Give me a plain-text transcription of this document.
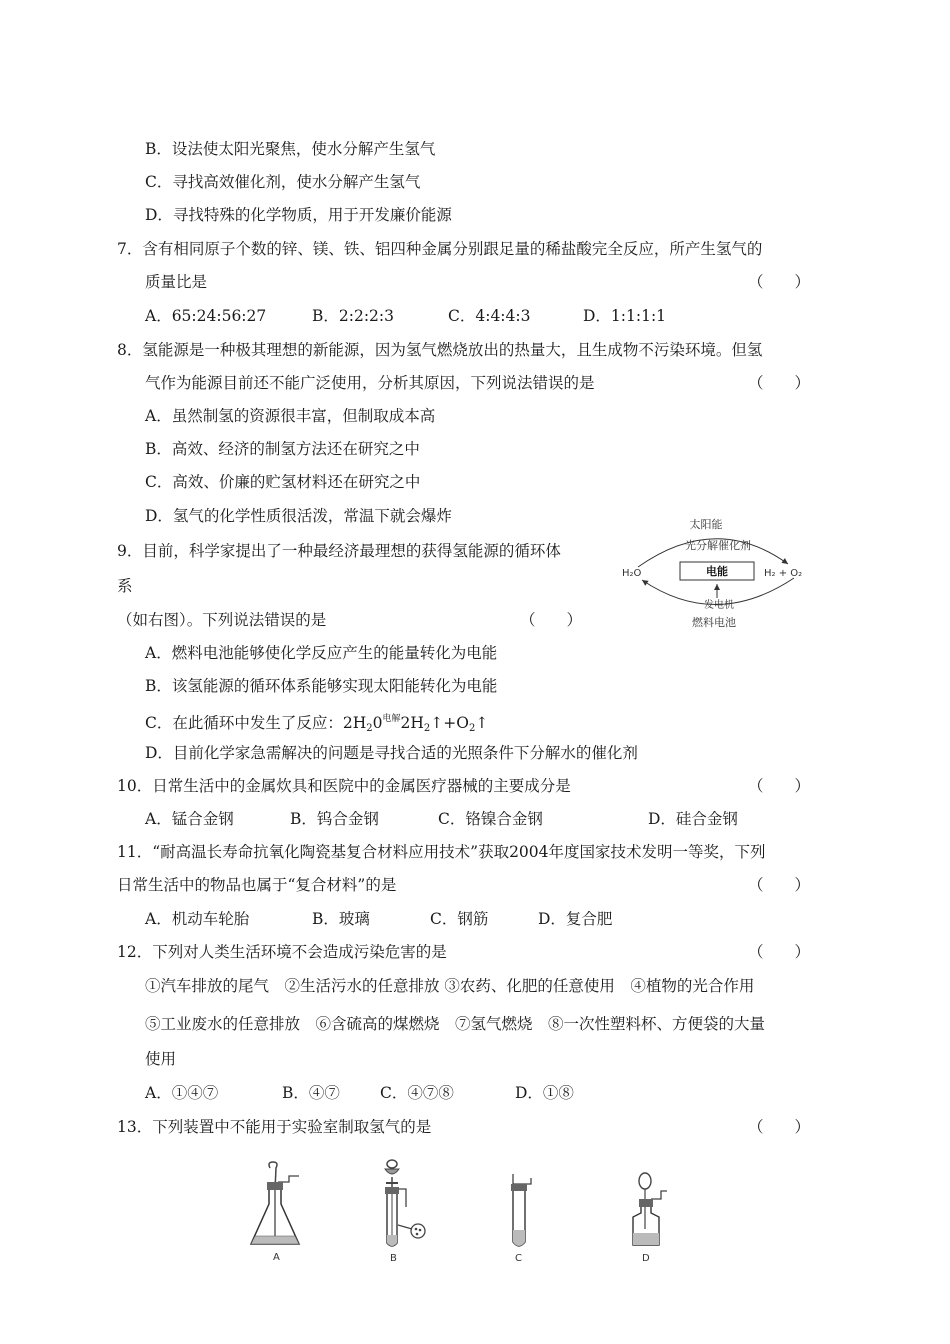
B．设法使太阳光聚焦，使水分解产生氢气
C．寻找高效催化剂，使水分解产生氢气
D．寻找特殊的化学物质，用于开发廉价能源
7．含有相同原子个数的锌、镁、铁、铝四种金属分别跟足量的稀盐酸完全反应，所产生氢气的
质量比是	（　　）
A．65:24:56:27	B．2:2:2:3	C．4:4:4:3	D．1:1:1:1
8．氢能源是一种极其理想的新能源，因为氢气燃烧放出的热量大，且生成物不污染环境。但氢
气作为能源目前还不能广泛使用，分析其原因，下列说法错误的是	（　　）
A．虽然制氢的资源很丰富，但制取成本高
B．高效、经济的制氢方法还在研究之中
C．高效、价廉的贮氢材料还在研究之中
D．氢气的化学性质很活泼，常温下就会爆炸
9．目前，科学家提出了一种最经济最理想的获得氢能源的循环体
系
（如右图）。下列说法错误的是	（　　）
太阳能
光分解催化剂
H₂O	电能	H₂ + O₂
发电机
燃料电池
A．燃料电池能够使化学反应产生的能量转化为电能
B．该氢能源的循环体系能够实现太阳能转化为电能
C．在此循环中发生了反应：$2H_20^{电解}2H_2↑+O_2↑$
D．目前化学家急需解决的问题是寻找合适的光照条件下分解水的催化剂
10．日常生活中的金属炊具和医院中的金属医疗器械的主要成分是	（　　）
A．锰合金钢	B．钨合金钢	C．铬镍合金钢	D．硅合金钢
11．“耐高温长寿命抗氧化陶瓷基复合材料应用技术”获取2004年度国家技术发明一等奖，下列
日常生活中的物品也属于“复合材料”的是	（　　）
A．机动车轮胎	B．玻璃	C．钢筋	D．复合肥
12．下列对人类生活环境不会造成污染危害的是	（　　）
①汽车排放的尾气　②生活污水的任意排放 ③农药、化肥的任意使用　④植物的光合作用
⑤工业废水的任意排放　⑥含硫高的煤燃烧　⑦氢气燃烧　⑧一次性塑料杯、方便袋的大量
使用
A．①④⑦	B．④⑦	C．④⑦⑧	D．①⑧
13．下列装置中不能用于实验室制取氢气的是	（　　）
A	B	C	D
